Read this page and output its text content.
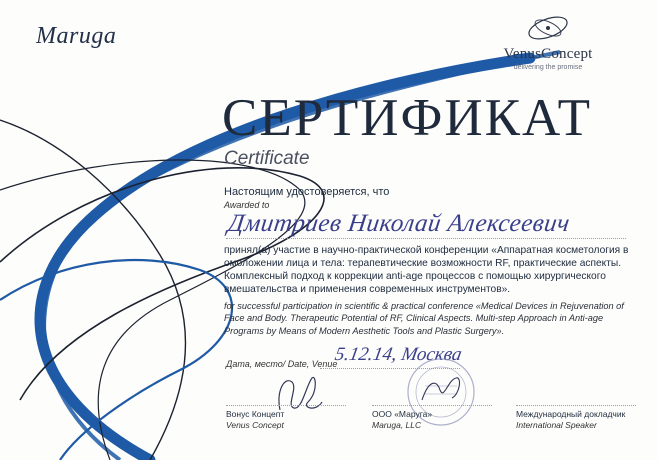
Maruga
VenusConcept
delivering the promise
СЕРТИФИКАТ
Certificate
Настоящим удостоверяется, что
Awarded to
Дмитриев Николай Алексеевич
принял(а) участие в научно-практической конференции «Аппаратная косметология в омоложении лица и тела: терапевтические возможности RF, практические аспекты. Комплексный подход к коррекции anti-age процессов с помощью хирургического вмешательства и применения современных инструментов».
for successful participation in scientific & practical conference «Medical Devices in Rejuvenation of Face and Body. Therapeutic Potential of RF, Clinical Aspects. Multi-step Approach in Anti-age Programs by Means of Modern Aesthetic Tools and Plastic Surgery».
Дата, место/ Date, Venue
5.12.14, Москва
Вонус Концепт
Venus Concept
ООО «Маруга»
Maruga, LLC
Международный докладчик
International Speaker
